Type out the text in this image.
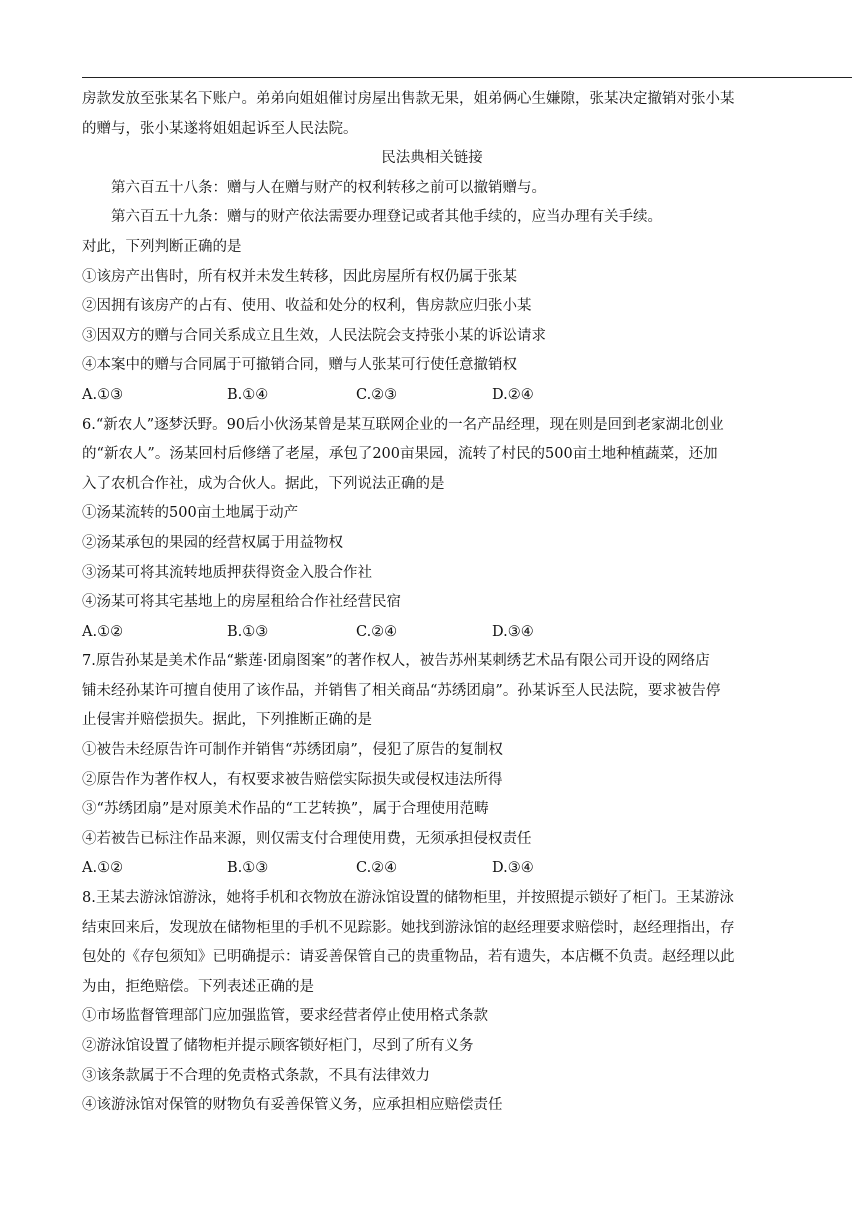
房款发放至张某名下账户。弟弟向姐姐催讨房屋出售款无果，姐弟俩心生嫌隙，张某决定撤销对张小某
的赠与，张小某遂将姐姐起诉至人民法院。
民法典相关链接
第六百五十八条：赠与人在赠与财产的权利转移之前可以撤销赠与。
第六百五十九条：赠与的财产依法需要办理登记或者其他手续的，应当办理有关手续。
对此，下列判断正确的是
①该房产出售时，所有权并未发生转移，因此房屋所有权仍属于张某
②因拥有该房产的占有、使用、收益和处分的权利，售房款应归张小某
③因双方的赠与合同关系成立且生效，人民法院会支持张小某的诉讼请求
④本案中的赠与合同属于可撤销合同，赠与人张某可行使任意撤销权
A.①③	B.①④	C.②③	D.②④
6.“新农人”逐梦沃野。90后小伙汤某曾是某互联网企业的一名产品经理，现在则是回到老家湖北创业
的“新农人”。汤某回村后修缮了老屋，承包了200亩果园，流转了村民的500亩土地种植蔬菜，还加
入了农机合作社，成为合伙人。据此，下列说法正确的是
①汤某流转的500亩土地属于动产
②汤某承包的果园的经营权属于用益物权
③汤某可将其流转地质押获得资金入股合作社
④汤某可将其宅基地上的房屋租给合作社经营民宿
A.①②	B.①③	C.②④	D.③④
7.原告孙某是美术作品“紫莲·团扇图案”的著作权人，被告苏州某刺绣艺术品有限公司开设的网络店
铺未经孙某许可擅自使用了该作品，并销售了相关商品“苏绣团扇”。孙某诉至人民法院，要求被告停
止侵害并赔偿损失。据此，下列推断正确的是
①被告未经原告许可制作并销售“苏绣团扇”，侵犯了原告的复制权
②原告作为著作权人，有权要求被告赔偿实际损失或侵权违法所得
③“苏绣团扇”是对原美术作品的“工艺转换”，属于合理使用范畴
④若被告已标注作品来源，则仅需支付合理使用费，无须承担侵权责任
A.①②	B.①③	C.②④	D.③④
8.王某去游泳馆游泳，她将手机和衣物放在游泳馆设置的储物柜里，并按照提示锁好了柜门。王某游泳
结束回来后，发现放在储物柜里的手机不见踪影。她找到游泳馆的赵经理要求赔偿时，赵经理指出，存
包处的《存包须知》已明确提示：请妥善保管自己的贵重物品，若有遗失，本店概不负责。赵经理以此
为由，拒绝赔偿。下列表述正确的是
①市场监督管理部门应加强监管，要求经营者停止使用格式条款
②游泳馆设置了储物柜并提示顾客锁好柜门，尽到了所有义务
③该条款属于不合理的免责格式条款，不具有法律效力
④该游泳馆对保管的财物负有妥善保管义务，应承担相应赔偿责任
